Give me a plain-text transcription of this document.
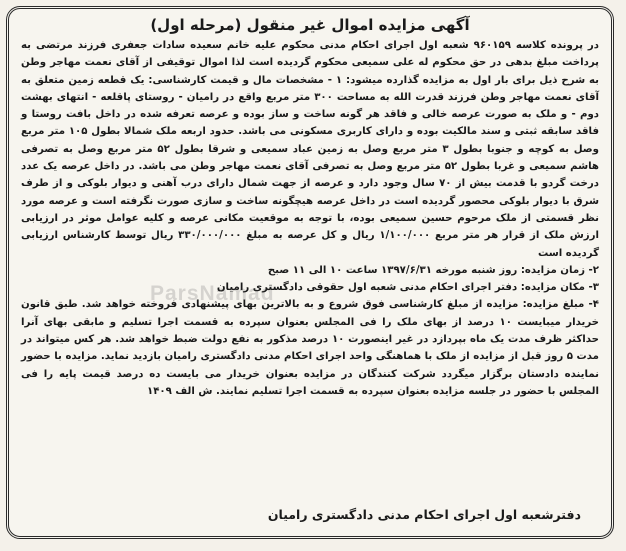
آگهی مزایده اموال غیر منقول (مرحله اول)

در پرونده کلاسه ۹۶۰۱۵۹ شعبه اول اجرای احکام مدنی محکوم علیه خانم سعیده سادات جعفری فرزند مرتضی به پرداخت مبلغ بدهی در حق محکوم له علی سمیعی محکوم گردیده است لذا اموال توقیفی از آقای نعمت مهاجر وطن به شرح ذیل برای بار اول به مزایده گذارده میشود: ۱ - مشخصات مال و قیمت کارشناسی: یک قطعه زمین متعلق به آقای نعمت مهاجر وطن فرزند قدرت الله به مساحت ۳۰۰ متر مربع واقع در رامیان - روستای پاقلعه - انتهای بهشت دوم - و ملک به صورت عرصه خالی و فاقد هر گونه ساخت و ساز بوده و عرصه تعرفه شده در داخل بافت روستا و فاقد سابقه ثبتی و سند مالکیت بوده و دارای کاربری مسکونی می باشد. حدود اربعه ملک شمالا بطول ۱۰۵ متر مربع وصل به کوچه و جنوبا بطول ۳ متر مربع وصل به زمین عباد سمیعی و شرقا بطول ۵۲ متر مربع وصل به تصرفی هاشم سمیعی و غربا بطول ۵۲ متر مربع وصل به تصرفی آقای نعمت مهاجر وطن می باشد. در داخل عرصه یک عدد درخت گردو با قدمت بیش از ۷۰ سال وجود دارد و عرصه از جهت شمال دارای درب آهنی و دیوار بلوکی و از طرف شرق با دیوار بلوکی محصور گردیده است در داخل عرصه هیچگونه ساخت و سازی صورت نگرفته است و عرصه مورد نظر قسمتی از ملک مرحوم حسین سمیعی بوده، با توجه به موقعیت مکانی عرصه و کلیه عوامل موثر در ارزیابی ارزش ملک از قرار هر متر مربع ۱/۱۰۰/۰۰۰ ریال و کل عرصه به مبلغ ۳۳۰/۰۰۰/۰۰۰ ریال توسط کارشناس ارزیابی گردیده است

۲- زمان مزایده: روز شنبه مورخه ۱۳۹۷/۶/۳۱ ساعت ۱۰ الی ۱۱ صبح

۳- مکان مزایده: دفتر اجرای احکام مدنی شعبه اول حقوقی دادگستری رامیان

۴- مبلغ مزایده: مزایده از مبلغ کارشناسی فوق شروع و به بالاترین بهای پیشنهادی فروخته خواهد شد. طبق قانون خریدار میبایست ۱۰ درصد از بهای ملک را فی المجلس بعنوان سپرده به قسمت اجرا تسلیم و مابقی بهای آنرا حداکثر ظرف مدت یک ماه بپردازد در غیر اینصورت ۱۰ درصد مذکور به نفع دولت ضبط خواهد شد. هر کس میتواند در مدت ۵ روز قبل از مزایده از ملک با هماهنگی واحد اجرای احکام مدنی دادگستری رامیان بازدید نماید. مزایده با حضور نماینده دادستان برگزار میگردد شرکت کنندگان در مزایده بعنوان خریدار می بایست ده درصد قیمت پایه را فی المجلس با حضور در جلسه مزایده بعنوان سپرده به قسمت اجرا تسلیم نمایند. ش الف ۱۴۰۹

دفترشعبه اول اجرای احکام مدنی دادگستری رامیان
ParsNamad
